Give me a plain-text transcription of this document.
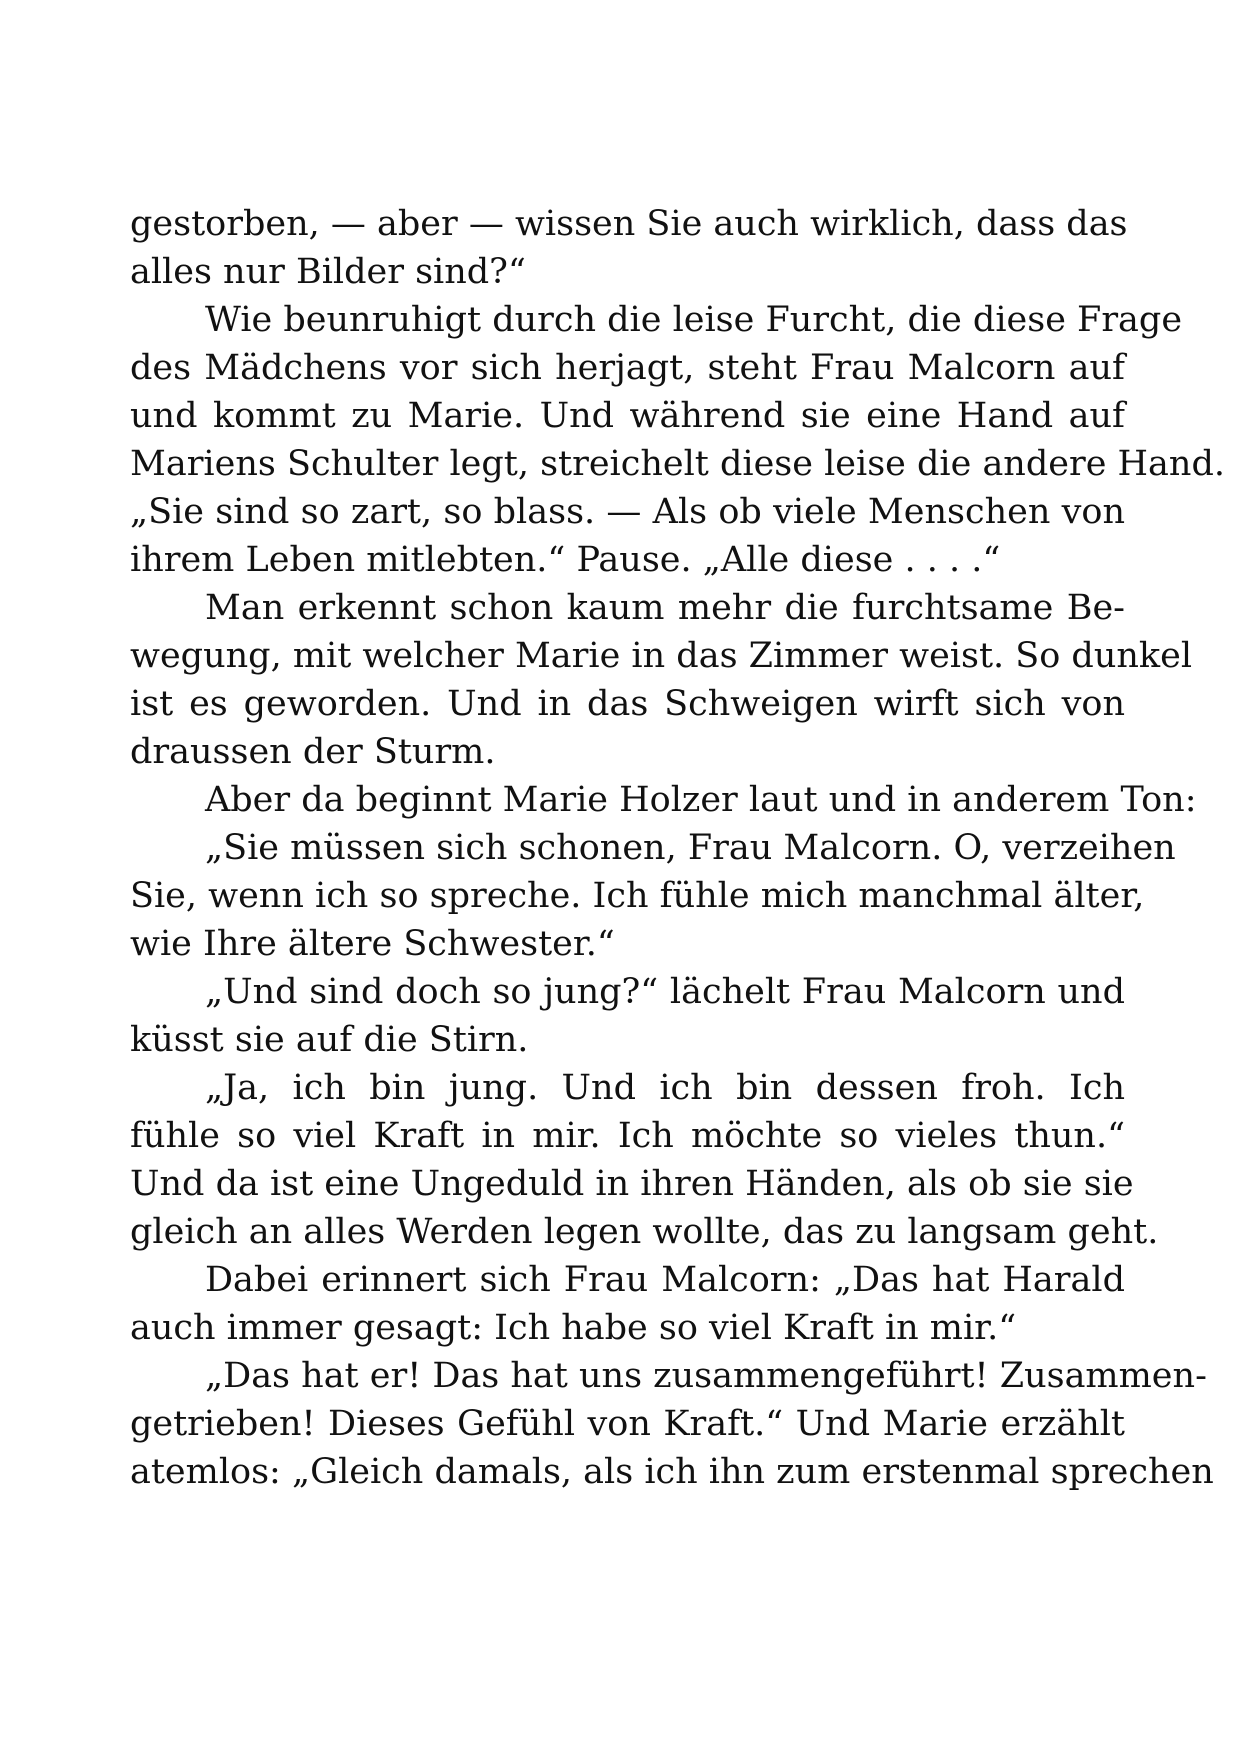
gestorben, — aber — wissen Sie auch wirklich, dass das
alles nur Bilder sind?“
Wie beunruhigt durch die leise Furcht, die diese Frage
des Mädchens vor sich herjagt, steht Frau Malcorn auf
und kommt zu Marie. Und während sie eine Hand auf
Mariens Schulter legt, streichelt diese leise die andere Hand.
„Sie sind so zart, so blass. — Als ob viele Menschen von
ihrem Leben mitlebten.“ Pause. „Alle diese . . . .“
Man erkennt schon kaum mehr die furchtsame Be-
wegung, mit welcher Marie in das Zimmer weist. So dunkel
ist es geworden. Und in das Schweigen wirft sich von
draussen der Sturm.
Aber da beginnt Marie Holzer laut und in anderem Ton:
„Sie müssen sich schonen, Frau Malcorn. O, verzeihen
Sie, wenn ich so spreche. Ich fühle mich manchmal älter,
wie Ihre ältere Schwester.“
„Und sind doch so jung?“ lächelt Frau Malcorn und
küsst sie auf die Stirn.
„Ja, ich bin jung. Und ich bin dessen froh. Ich
fühle so viel Kraft in mir. Ich möchte so vieles thun.“
Und da ist eine Ungeduld in ihren Händen, als ob sie sie
gleich an alles Werden legen wollte, das zu langsam geht.
Dabei erinnert sich Frau Malcorn: „Das hat Harald
auch immer gesagt: Ich habe so viel Kraft in mir.“
„Das hat er! Das hat uns zusammengeführt! Zusammen-
getrieben! Dieses Gefühl von Kraft.“ Und Marie erzählt
atemlos: „Gleich damals, als ich ihn zum erstenmal sprechen
